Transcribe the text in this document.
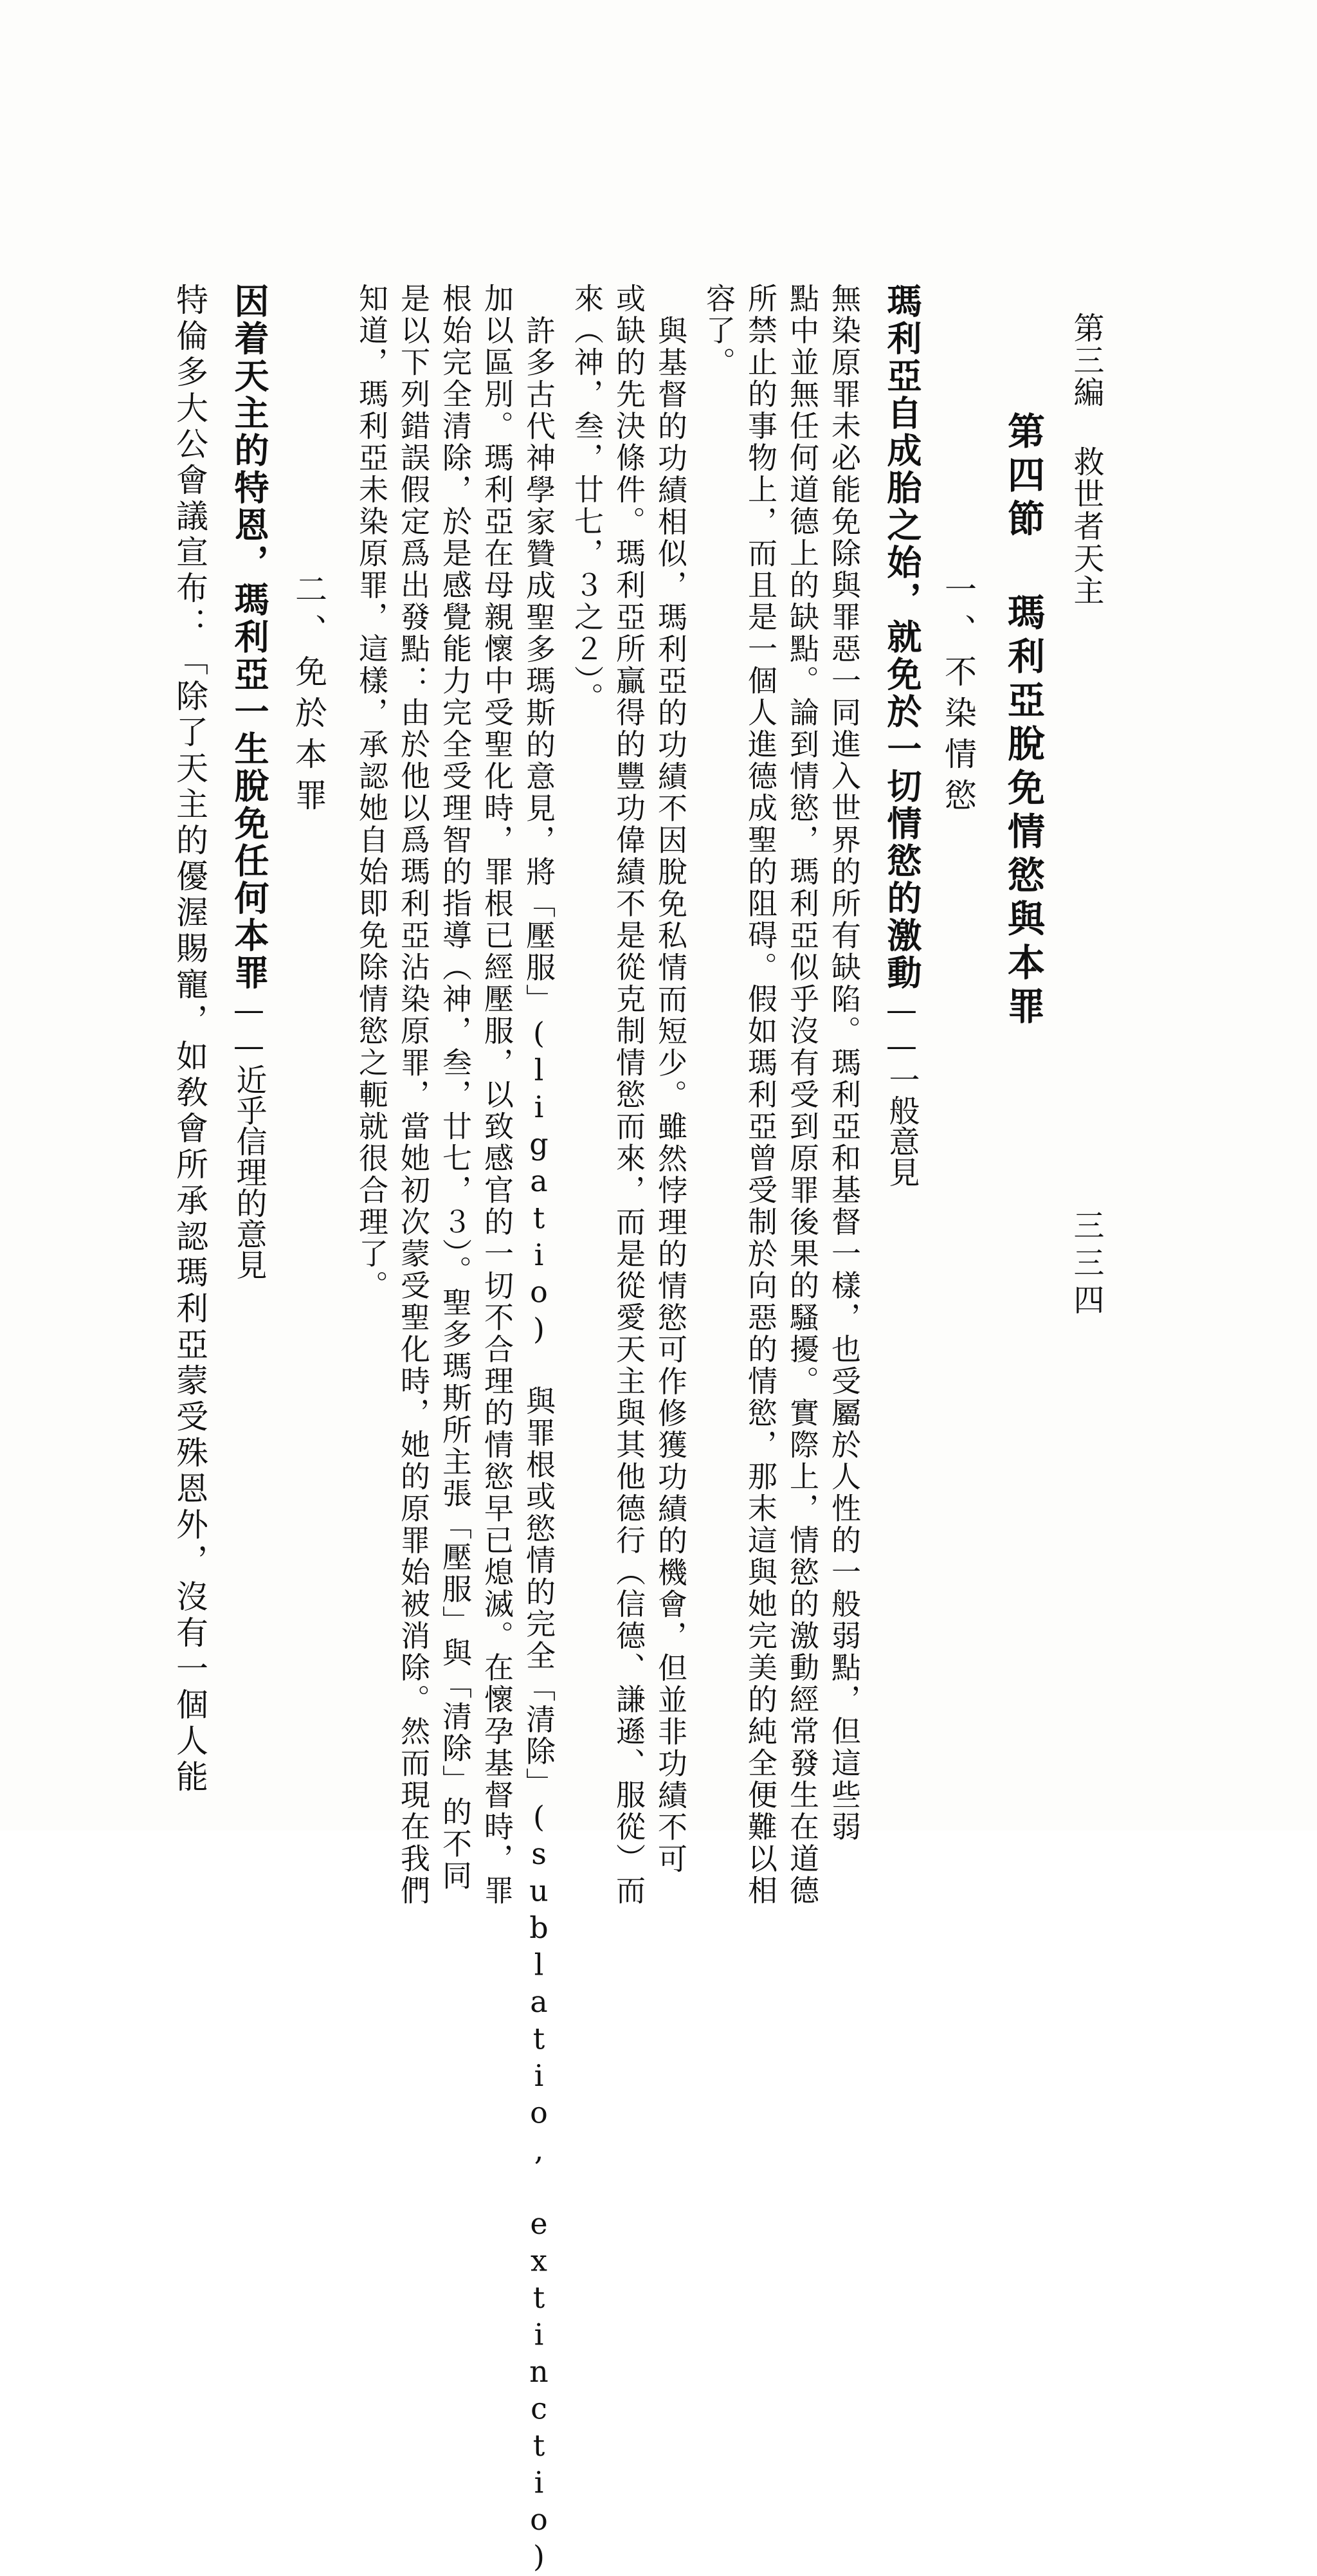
第三編 救世者天主
三三四
第四節 瑪利亞脫免情慾與本罪
一、不染情慾
瑪利亞自成胎之始，就免於一切情慾的激動——一般意見
無染原罪未必能免除與罪惡一同進入世界的所有缺陷。瑪利亞和基督一樣，也受屬於人性的一般弱點，但這些弱
點中並無任何道德上的缺點。論到情慾，瑪利亞似乎沒有受到原罪後果的騷擾。實際上，情慾的激動經常發生在道德
所禁止的事物上，而且是一個人進德成聖的阻碍。假如瑪利亞曾受制於向惡的情慾，那末這與她完美的純全便難以相
容了。
與基督的功績相似，瑪利亞的功績不因脫免私情而短少。雖然悖理的情慾可作修獲功績的機會，但並非功績不可
或缺的先決條件。瑪利亞所贏得的豐功偉績不是從克制情慾而來，而是從愛天主與其他德行（信德、謙遜、服從）而
來（神，叁，廿七，３之２）。
許多古代神學家贊成聖多瑪斯的意見，將「壓服」(ligatio) 與罪根或慾情的完全「清除」(sublatio, extinctio)
加以區別。瑪利亞在母親懷中受聖化時，罪根已經壓服，以致感官的一切不合理的情慾早已熄滅。在懷孕基督時，罪
根始完全清除，於是感覺能力完全受理智的指導（神，叁，廿七，３）。聖多瑪斯所主張「壓服」與「清除」的不同
是以下列錯誤假定爲出發點：由於他以爲瑪利亞沾染原罪，當她初次蒙受聖化時，她的原罪始被消除。然而現在我們
知道，瑪利亞未染原罪，這樣，承認她自始即免除情慾之軛就很合理了。
二、免於本罪
因着天主的特恩，瑪利亞一生脫免任何本罪——近乎信理的意見
特倫多大公會議宣布：「除了天主的優渥賜寵，如敎會所承認瑪利亞蒙受殊恩外，沒有一個人能
